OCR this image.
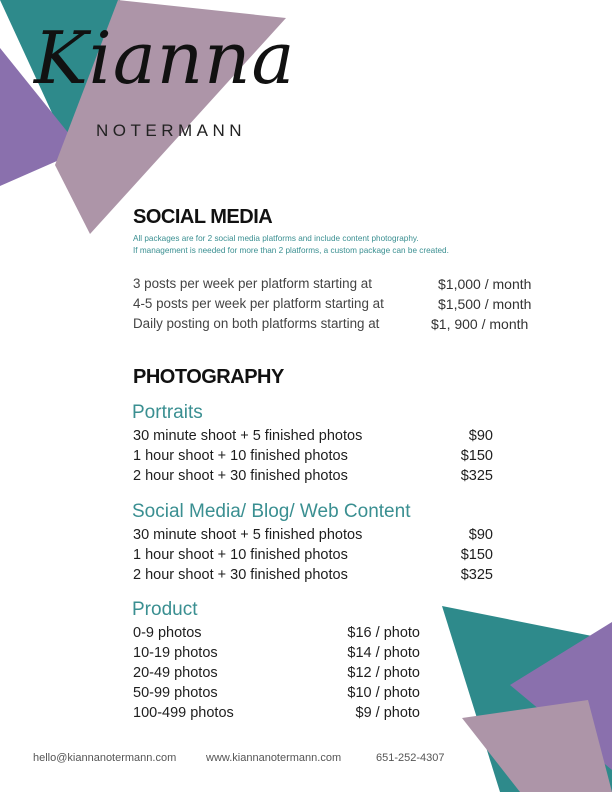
Kianna
NOTERMANN
SOCIAL MEDIA
All packages are for 2 social media platforms and include content photography.
If management is needed for more than 2 platforms, a custom package can be created.
3 posts per week per platform starting at	$1,000 / month
4-5 posts per week per platform starting at	$1,500 / month
Daily posting on both platforms starting at	$1, 900 / month
PHOTOGRAPHY
Portraits
30 minute shoot + 5 finished photos	$90
1 hour shoot + 10 finished photos	$150
2 hour shoot + 30 finished photos	$325
Social Media/ Blog/ Web Content
30 minute shoot + 5 finished photos	$90
1 hour shoot + 10 finished photos	$150
2 hour shoot + 30 finished photos	$325
Product
0-9 photos	$16 / photo
10-19 photos	$14 / photo
20-49 photos	$12 / photo
50-99 photos	$10 / photo
100-499 photos	$9 / photo
hello@kiannanotermann.com	www.kiannanotermann.com	651-252-4307
